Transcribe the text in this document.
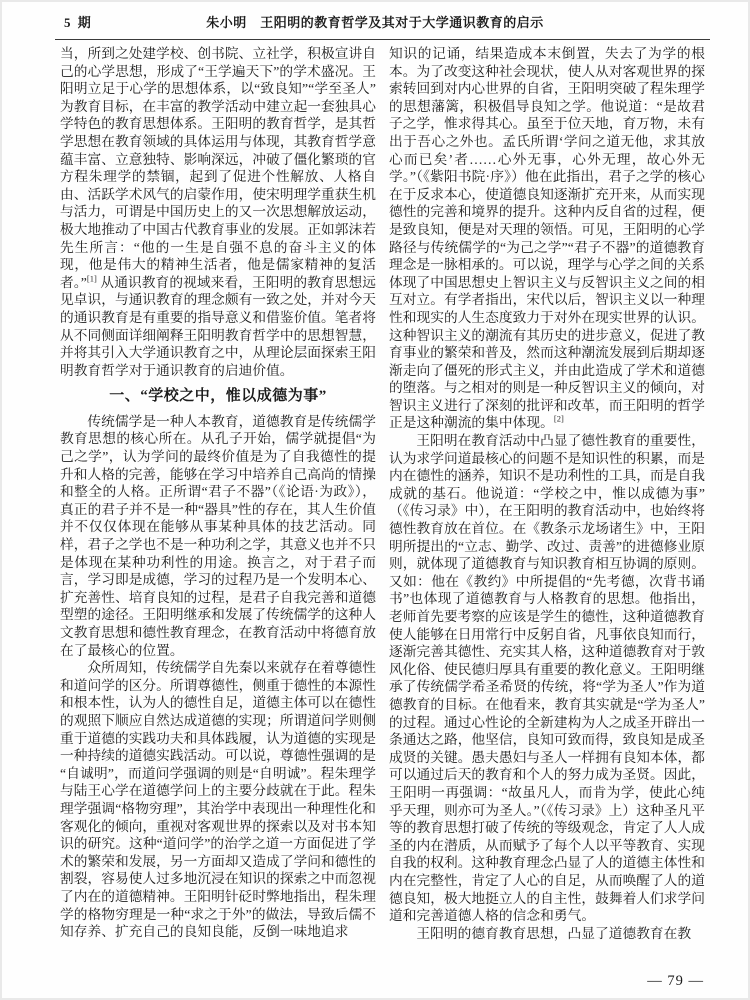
5 期	朱小明　王阳明的教育哲学及其对于大学通识教育的启示

当，所到之处建学校、创书院、立社学，积极宣讲自己的心学思想，形成了“王学遍天下”的学术盛况。王阳明立足于心学的思想体系，以“致良知”“学至圣人”为教育目标，在丰富的教学活动中建立起一套独具心学特色的教育思想体系。王阳明的教育哲学，是其哲学思想在教育领域的具体运用与体现，其教育哲学意蕴丰富、立意独特、影响深远，冲破了僵化繁琐的官方程朱理学的禁锢，起到了促进个性解放、人格自由、活跃学术风气的启蒙作用，使宋明理学重获生机与活力，可谓是中国历史上的又一次思想解放运动，极大地推动了中国古代教育事业的发展。正如郭沫若先生所言：“他的一生是自强不息的奋斗主义的体现，他是伟大的精神生活者，他是儒家精神的复活者。”[1] 从通识教育的视域来看，王阳明的教育思想远见卓识，与通识教育的理念颇有一致之处，并对今天的通识教育是有重要的指导意义和借鉴价值。笔者将从不同侧面详细阐释王阳明教育哲学中的思想智慧，并将其引入大学通识教育之中，从理论层面探索王阳明教育哲学对于通识教育的启迪价值。

一、“学校之中，惟以成德为事”

传统儒学是一种人本教育，道德教育是传统儒学教育思想的核心所在。从孔子开始，儒学就提倡“为己之学”，认为学问的最终价值是为了自我德性的提升和人格的完善，能够在学习中培养自己高尚的情操和整全的人格。正所谓“君子不器”（《论语·为政》），真正的君子并不是一种“器具”性的存在，其人生价值并不仅仅体现在能够从事某种具体的技艺活动。同样，君子之学也不是一种功利之学，其意义也并不只是体现在某种功利性的用途。换言之，对于君子而言，学习即是成德，学习的过程乃是一个发明本心、扩充善性、培育良知的过程，是君子自我完善和道德型塑的途径。王阳明继承和发展了传统儒学的这种人文教育思想和德性教育理念，在教育活动中将德育放在了最核心的位置。

众所周知，传统儒学自先秦以来就存在着尊德性和道问学的区分。所谓尊德性，侧重于德性的本源性和根本性，认为人的德性自足，道德主体可以在德性的观照下顺应自然达成道德的实现；所谓道问学则侧重于道德的实践功夫和具体践履，认为道德的实现是一种持续的道德实践活动。可以说，尊德性强调的是“自诚明”，而道问学强调的则是“自明诚”。程朱理学与陆王心学在道德学问上的主要分歧就在于此。程朱理学强调“格物穷理”，其治学中表现出一种理性化和客观化的倾向，重视对客观世界的探索以及对书本知识的研究。这种“道问学”的治学之道一方面促进了学术的繁荣和发展，另一方面却又造成了学问和德性的割裂，容易使人过多地沉浸在知识的探索之中而忽视了内在的道德精神。王阳明针砭时弊地指出，程朱理学的格物穷理是一种“求之于外”的做法，导致后儒不知存养、扩充自己的良知良能，反倒一味地追求

知识的记诵，结果造成本末倒置，失去了为学的根本。为了改变这种社会现状，使人从对客观世界的探索转回到对内心世界的自省，王阳明突破了程朱理学的思想藩篱，积极倡导良知之学。他说道：“是故君子之学，惟求得其心。虽至于位天地，育万物，未有出于吾心之外也。孟氏所谓‘学问之道无他，求其放心而已矣’者……心外无事，心外无理，故心外无学。”（《紫阳书院·序》）他在此指出，君子之学的核心在于反求本心，使道德良知逐渐扩充开来，从而实现德性的完善和境界的提升。这种内反自省的过程，便是致良知，便是对天理的领悟。可见，王阳明的心学路径与传统儒学的“为己之学”“君子不器”的道德教育理念是一脉相承的。可以说，理学与心学之间的关系体现了中国思想史上智识主义与反智识主义之间的相互对立。有学者指出，宋代以后，智识主义以一种理性和现实的人生态度致力于对外在现实世界的认识。这种智识主义的潮流有其历史的进步意义，促进了教育事业的繁荣和普及，然而这种潮流发展到后期却逐渐走向了僵死的形式主义，并由此造成了学术和道德的堕落。与之相对的则是一种反智识主义的倾向，对智识主义进行了深刻的批评和改革，而王阳明的哲学正是这种潮流的集中体现。[2]

王阳明在教育活动中凸显了德性教育的重要性，认为求学问道最核心的问题不是知识性的积累，而是内在德性的涵养，知识不是功利性的工具，而是自我成就的基石。他说道：“学校之中，惟以成德为事”（《传习录》中），在王阳明的教育活动中，也始终将德性教育放在首位。在《教条示龙场诸生》中，王阳明所提出的“立志、勤学、改过、责善”的进德修业原则，就体现了道德教育与知识教育相互协调的原则。又如：他在《教约》中所提倡的“先考德，次背书诵书”也体现了道德教育与人格教育的思想。他指出，老师首先要考察的应该是学生的德性，这种道德教育使人能够在日用常行中反躬自省，凡事依良知而行，逐渐完善其德性、充实其人格，这种道德教育对于敦风化俗、使民德归厚具有重要的教化意义。王阳明继承了传统儒学希圣希贤的传统，将“学为圣人”作为道德教育的目标。在他看来，教育其实就是“学为圣人”的过程。通过心性论的全新建构为人之成圣开辟出一条通达之路，他坚信，良知可致而得，致良知是成圣成贤的关键。愚夫愚妇与圣人一样拥有良知本体，都可以通过后天的教育和个人的努力成为圣贤。因此，王阳明一再强调：“故虽凡人，而肯为学，使此心纯乎天理，则亦可为圣人。”（《传习录》上）这种圣凡平等的教育思想打破了传统的等级观念，肯定了人人成圣的内在潜质，从而赋予了每个人以平等教育、实现自我的权利。这种教育理念凸显了人的道德主体性和内在完整性，肯定了人心的自足，从而唤醒了人的道德良知，极大地挺立人的自主性，鼓舞着人们求学问道和完善道德人格的信念和勇气。

王阳明的德育教育思想，凸显了道德教育在教

— 79 —
